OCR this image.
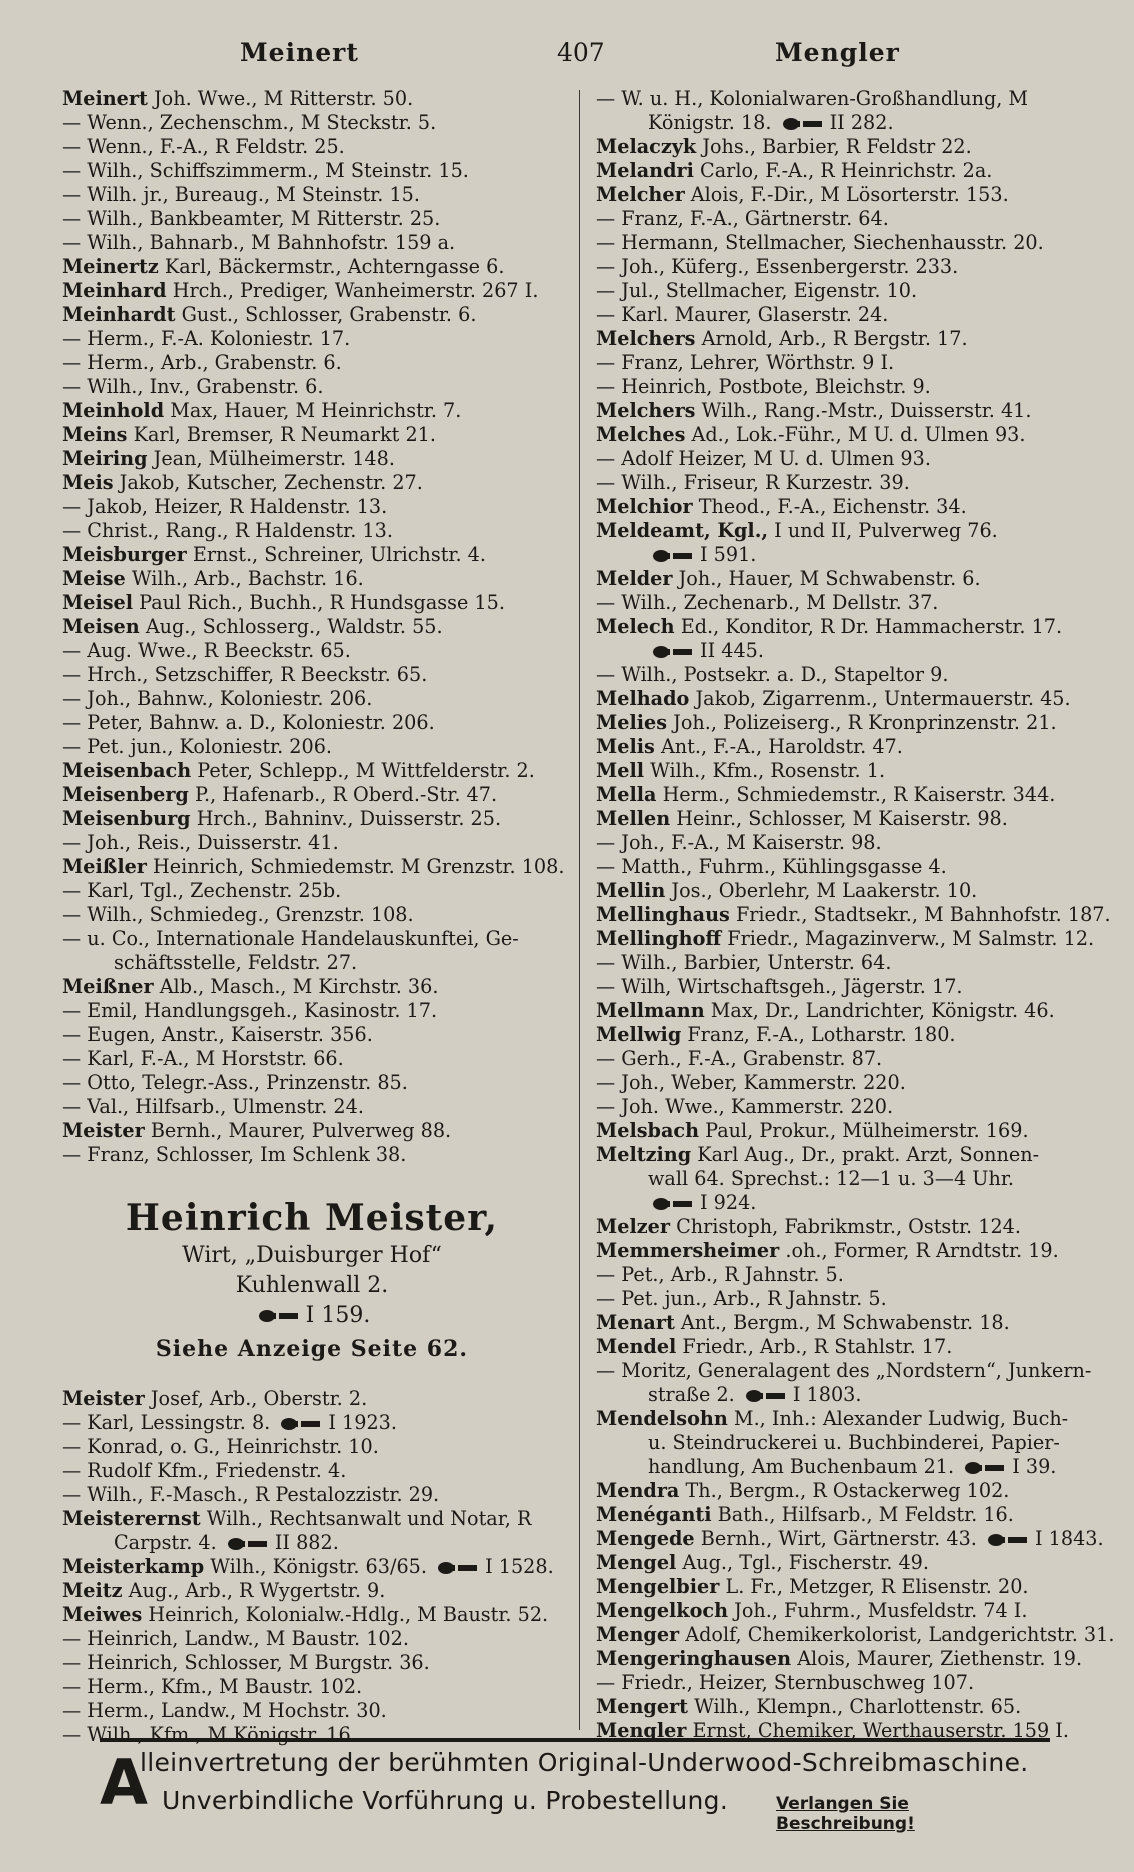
Meinert	407	Mengler
Meinert Joh. Wwe., M Ritterstr. 50.
— Wenn., Zechenschm., M Steckstr. 5.
— Wenn., F.-A., R Feldstr. 25.
— Wilh., Schiffszimmerm., M Steinstr. 15.
— Wilh. jr., Bureaug., M Steinstr. 15.
— Wilh., Bankbeamter, M Ritterstr. 25.
— Wilh., Bahnarb., M Bahnhofstr. 159 a.
Meinertz Karl, Bäckermstr., Achterngasse 6.
Meinhard Hrch., Prediger, Wanheimerstr. 267 I.
Meinhardt Gust., Schlosser, Grabenstr. 6.
— Herm., F.-A. Koloniestr. 17.
— Herm., Arb., Grabenstr. 6.
— Wilh., Inv., Grabenstr. 6.
Meinhold Max, Hauer, M Heinrichstr. 7.
Meins Karl, Bremser, R Neumarkt 21.
Meiring Jean, Mülheimerstr. 148.
Meis Jakob, Kutscher, Zechenstr. 27.
— Jakob, Heizer, R Haldenstr. 13.
— Christ., Rang., R Haldenstr. 13.
Meisburger Ernst., Schreiner, Ulrichstr. 4.
Meise Wilh., Arb., Bachstr. 16.
Meisel Paul Rich., Buchh., R Hundsgasse 15.
Meisen Aug., Schlosserg., Waldstr. 55.
— Aug. Wwe., R Beeckstr. 65.
— Hrch., Setzschiffer, R Beeckstr. 65.
— Joh., Bahnw., Koloniestr. 206.
— Peter, Bahnw. a. D., Koloniestr. 206.
— Pet. jun., Koloniestr. 206.
Meisenbach Peter, Schlepp., M Wittfelderstr. 2.
Meisenberg P., Hafenarb., R Oberd.-Str. 47.
Meisenburg Hrch., Bahninv., Duisserstr. 25.
— Joh., Reis., Duisserstr. 41.
Meißler Heinrich, Schmiedemstr. M Grenzstr. 108.
— Karl, Tgl., Zechenstr. 25b.
— Wilh., Schmiedeg., Grenzstr. 108.
— u. Co., Internationale Handelauskunftei, Ge-
schäftsstelle, Feldstr. 27.
Meißner Alb., Masch., M Kirchstr. 36.
— Emil, Handlungsgeh., Kasinostr. 17.
— Eugen, Anstr., Kaiserstr. 356.
— Karl, F.-A., M Horststr. 66.
— Otto, Telegr.-Ass., Prinzenstr. 85.
— Val., Hilfsarb., Ulmenstr. 24.
Meister Bernh., Maurer, Pulverweg 88.
— Franz, Schlosser, Im Schlenk 38.
Heinrich Meister,
Wirt, „Duisburger Hof“
Kuhlenwall 2.
I 159.
Siehe Anzeige Seite 62.
Meister Josef, Arb., Oberstr. 2.
— Karl, Lessingstr. 8.	I 1923.
— Konrad, o. G., Heinrichstr. 10.
— Rudolf Kfm., Friedenstr. 4.
— Wilh., F.-Masch., R Pestalozzistr. 29.
Meisterernst Wilh., Rechtsanwalt und Notar, R
Carpstr. 4.	II 882.
Meisterkamp Wilh., Königstr. 63/65.	I 1528.
Meitz Aug., Arb., R Wygertstr. 9.
Meiwes Heinrich, Kolonialw.-Hdlg., M Baustr. 52.
— Heinrich, Landw., M Baustr. 102.
— Heinrich, Schlosser, M Burgstr. 36.
— Herm., Kfm., M Baustr. 102.
— Herm., Landw., M Hochstr. 30.
— Wilh., Kfm., M Königstr. 16.
— W. u. H., Kolonialwaren-Großhandlung, M
Königstr. 18.	II 282.
Melaczyk Johs., Barbier, R Feldstr 22.
Melandri Carlo, F.-A., R Heinrichstr. 2a.
Melcher Alois, F.-Dir., M Lösorterstr. 153.
— Franz, F.-A., Gärtnerstr. 64.
— Hermann, Stellmacher, Siechenhausstr. 20.
— Joh., Küferg., Essenbergerstr. 233.
— Jul., Stellmacher, Eigenstr. 10.
— Karl. Maurer, Glaserstr. 24.
Melchers Arnold, Arb., R Bergstr. 17.
— Franz, Lehrer, Wörthstr. 9 I.
— Heinrich, Postbote, Bleichstr. 9.
Melchers Wilh., Rang.-Mstr., Duisserstr. 41.
Melches Ad., Lok.-Führ., M U. d. Ulmen 93.
— Adolf Heizer, M U. d. Ulmen 93.
— Wilh., Friseur, R Kurzestr. 39.
Melchior Theod., F.-A., Eichenstr. 34.
Meldeamt, Kgl., I und II, Pulverweg 76.
I 591.
Melder Joh., Hauer, M Schwabenstr. 6.
— Wilh., Zechenarb., M Dellstr. 37.
Melech Ed., Konditor, R Dr. Hammacherstr. 17.
II 445.
— Wilh., Postsekr. a. D., Stapeltor 9.
Melhado Jakob, Zigarrenm., Untermauerstr. 45.
Melies Joh., Polizeiserg., R Kronprinzenstr. 21.
Melis Ant., F.-A., Haroldstr. 47.
Mell Wilh., Kfm., Rosenstr. 1.
Mella Herm., Schmiedemstr., R Kaiserstr. 344.
Mellen Heinr., Schlosser, M Kaiserstr. 98.
— Joh., F.-A., M Kaiserstr. 98.
— Matth., Fuhrm., Kühlingsgasse 4.
Mellin Jos., Oberlehr, M Laakerstr. 10.
Mellinghaus Friedr., Stadtsekr., M Bahnhofstr. 187.
Mellinghoff Friedr., Magazinverw., M Salmstr. 12.
— Wilh., Barbier, Unterstr. 64.
— Wilh, Wirtschaftsgeh., Jägerstr. 17.
Mellmann Max, Dr., Landrichter, Königstr. 46.
Mellwig Franz, F.-A., Lotharstr. 180.
— Gerh., F.-A., Grabenstr. 87.
— Joh., Weber, Kammerstr. 220.
— Joh. Wwe., Kammerstr. 220.
Melsbach Paul, Prokur., Mülheimerstr. 169.
Meltzing Karl Aug., Dr., prakt. Arzt, Sonnen-
wall 64. Sprechst.: 12—1 u. 3—4 Uhr.
I 924.
Melzer Christoph, Fabrikmstr., Oststr. 124.
Memmersheimer .oh., Former, R Arndtstr. 19.
— Pet., Arb., R Jahnstr. 5.
— Pet. jun., Arb., R Jahnstr. 5.
Menart Ant., Bergm., M Schwabenstr. 18.
Mendel Friedr., Arb., R Stahlstr. 17.
— Moritz, Generalagent des „Nordstern“, Junkern-
straße 2.	I 1803.
Mendelsohn M., Inh.: Alexander Ludwig, Buch-
u. Steindruckerei u. Buchbinderei, Papier-
handlung, Am Buchenbaum 21.	I 39.
Mendra Th., Bergm., R Ostackerweg 102.
Menéganti Bath., Hilfsarb., M Feldstr. 16.
Mengede Bernh., Wirt, Gärtnerstr. 43.	I 1843.
Mengel Aug., Tgl., Fischerstr. 49.
Mengelbier L. Fr., Metzger, R Elisenstr. 20.
Mengelkoch Joh., Fuhrm., Musfeldstr. 74 I.
Menger Adolf, Chemikerkolorist, Landgerichtstr. 31.
Mengeringhausen Alois, Maurer, Ziethenstr. 19.
— Friedr., Heizer, Sternbuschweg 107.
Mengert Wilh., Klempn., Charlottenstr. 65.
Mengler Ernst, Chemiker, Werthauserstr. 159 I.
A
lleinvertretung der berühmten Original-Underwood-Schreibmaschine.
Unverbindliche Vorführung u. Probestellung.	Verlangen Sie Beschreibung!
